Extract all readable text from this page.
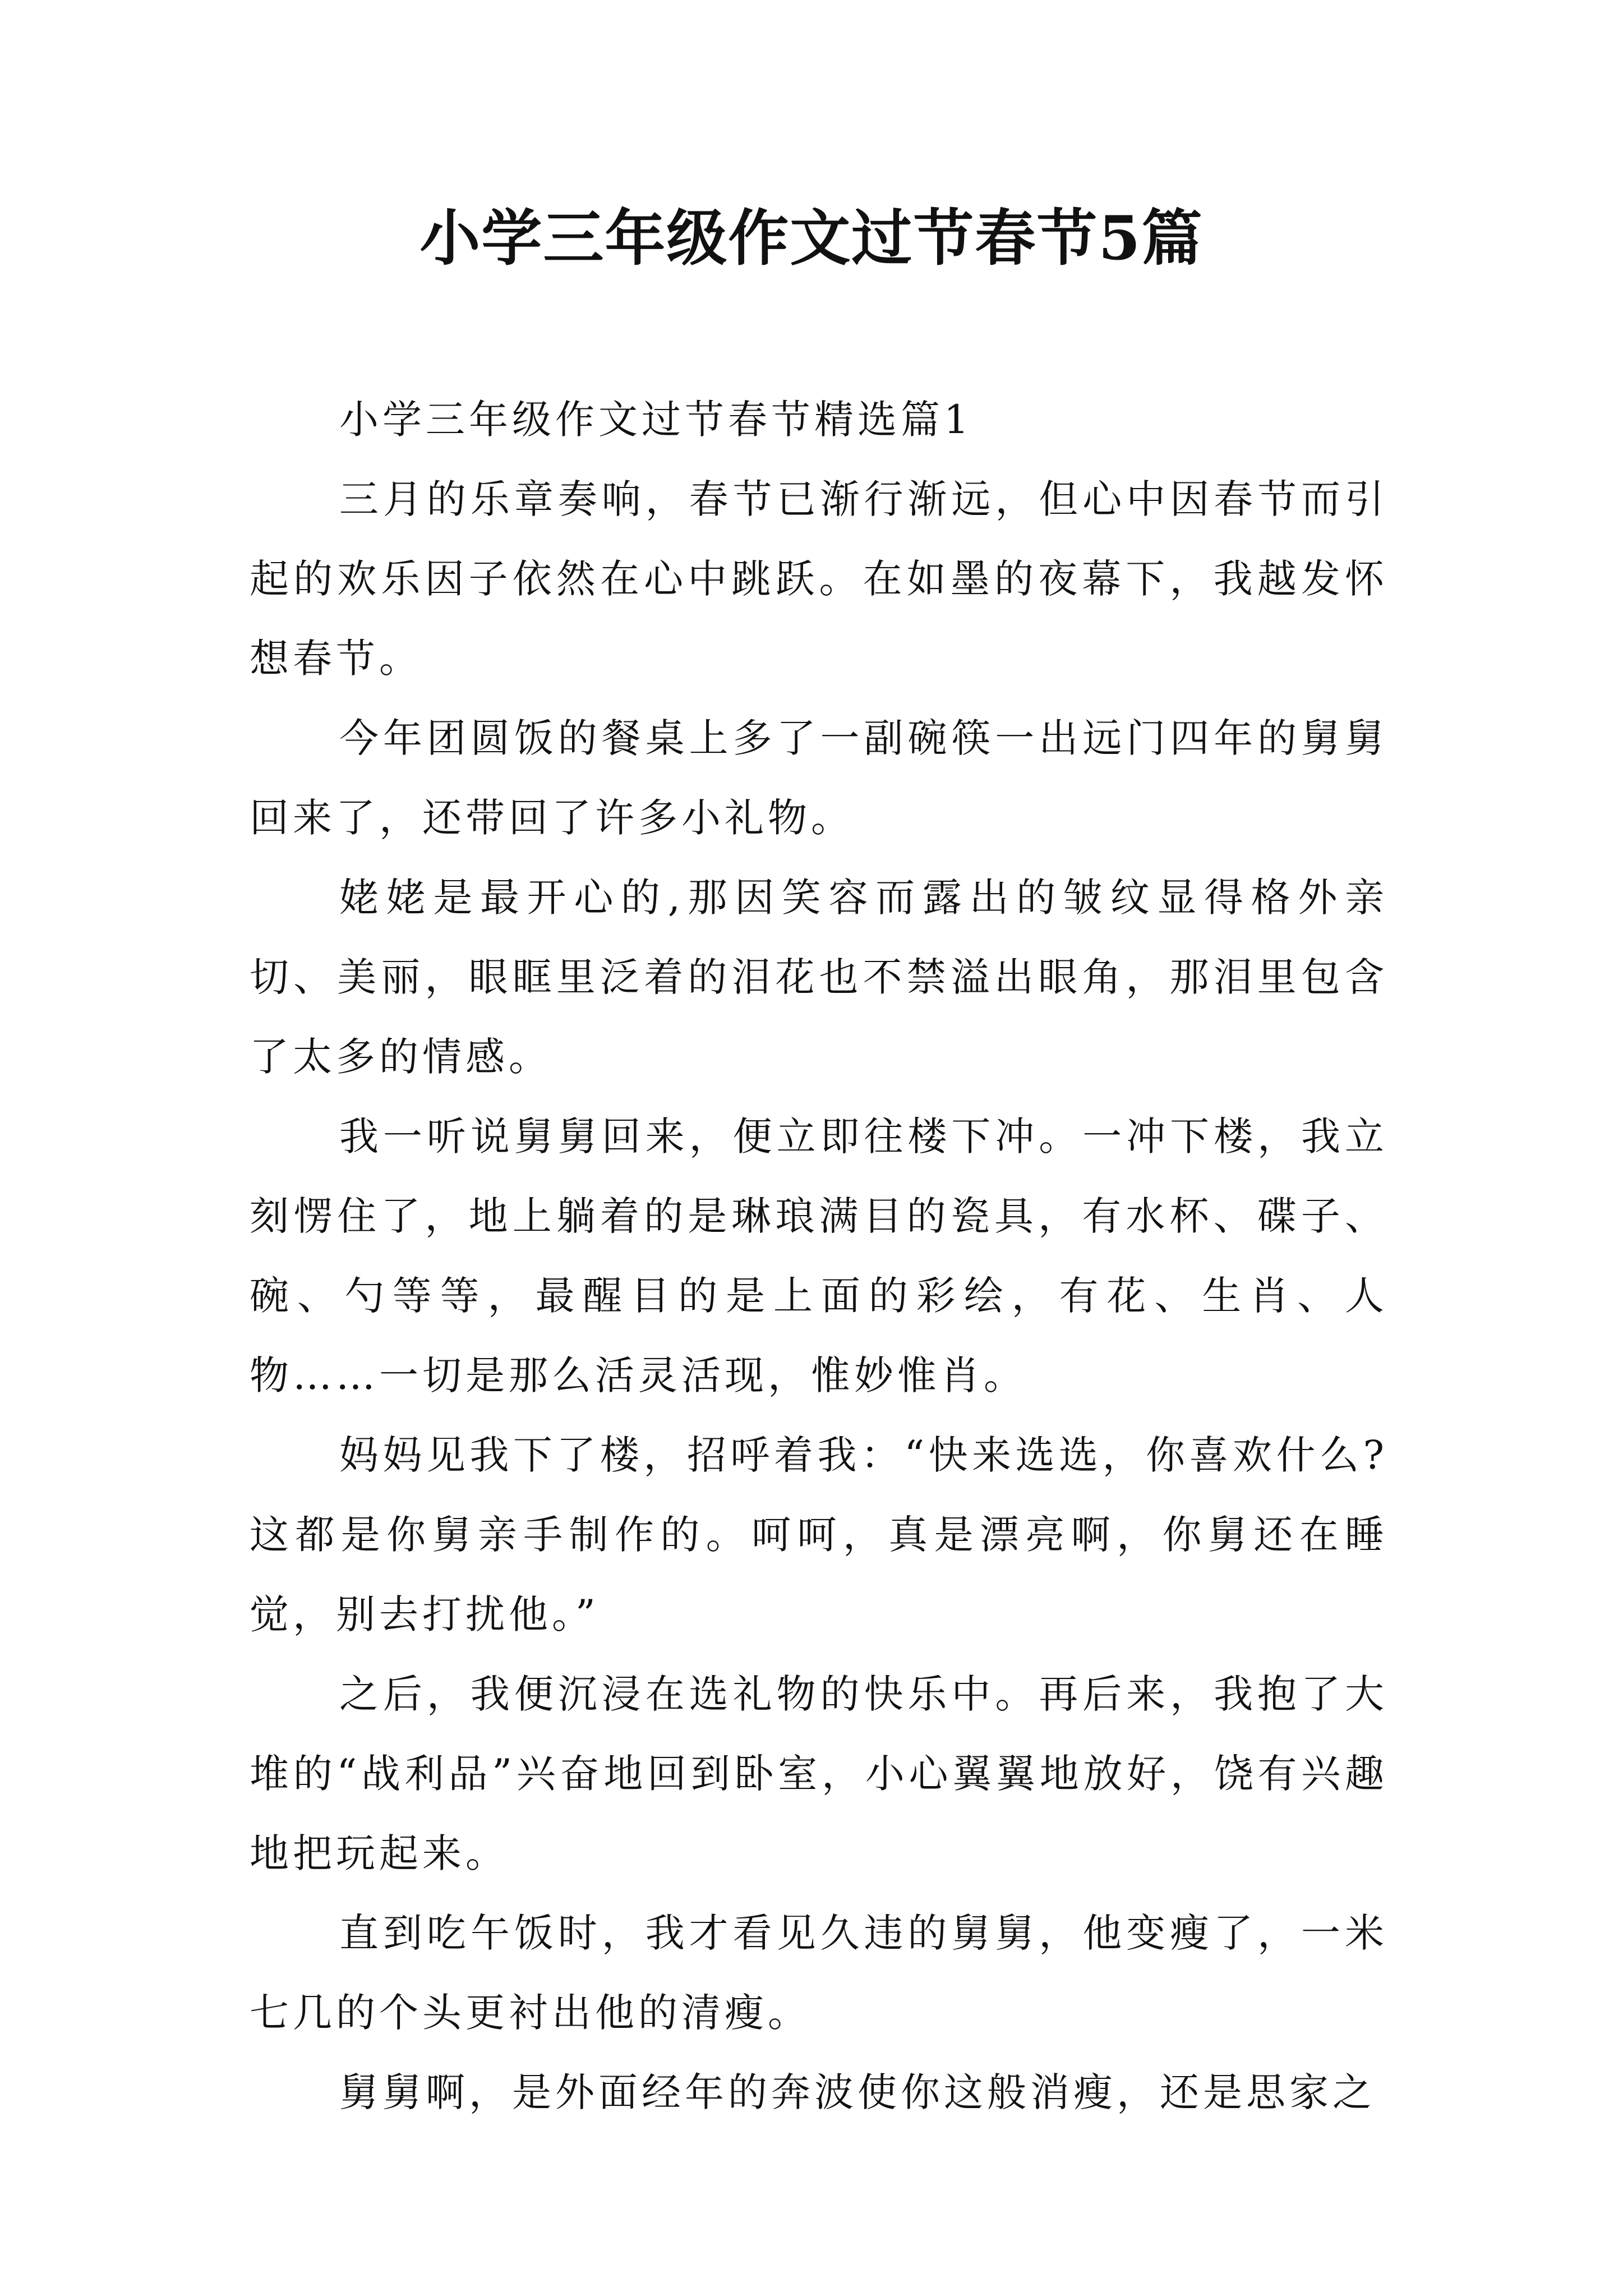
小学三年级作文过节春节5篇

小学三年级作文过节春节精选篇1

三月的乐章奏响，春节已渐行渐远，但心中因春节而引起的欢乐因子依然在心中跳跃。在如墨的夜幕下，我越发怀想春节。

今年团圆饭的餐桌上多了一副碗筷一出远门四年的舅舅回来了，还带回了许多小礼物。

姥姥是最开心的,那因笑容而露出的皱纹显得格外亲切、美丽，眼眶里泛着的泪花也不禁溢出眼角，那泪里包含了太多的情感。

我一听说舅舅回来，便立即往楼下冲。一冲下楼，我立刻愣住了，地上躺着的是琳琅满目的瓷具，有水杯、碟子、碗、勺等等，最醒目的是上面的彩绘，有花、生肖、人物……一切是那么活灵活现，惟妙惟肖。

妈妈见我下了楼，招呼着我：“快来选选，你喜欢什么?这都是你舅亲手制作的。呵呵，真是漂亮啊，你舅还在睡觉，别去打扰他。”

之后，我便沉浸在选礼物的快乐中。再后来，我抱了大堆的“战利品”兴奋地回到卧室，小心翼翼地放好，饶有兴趣地把玩起来。

直到吃午饭时，我才看见久违的舅舅，他变瘦了，一米七几的个头更衬出他的清瘦。

舅舅啊，是外面经年的奔波使你这般消瘦，还是思家之
